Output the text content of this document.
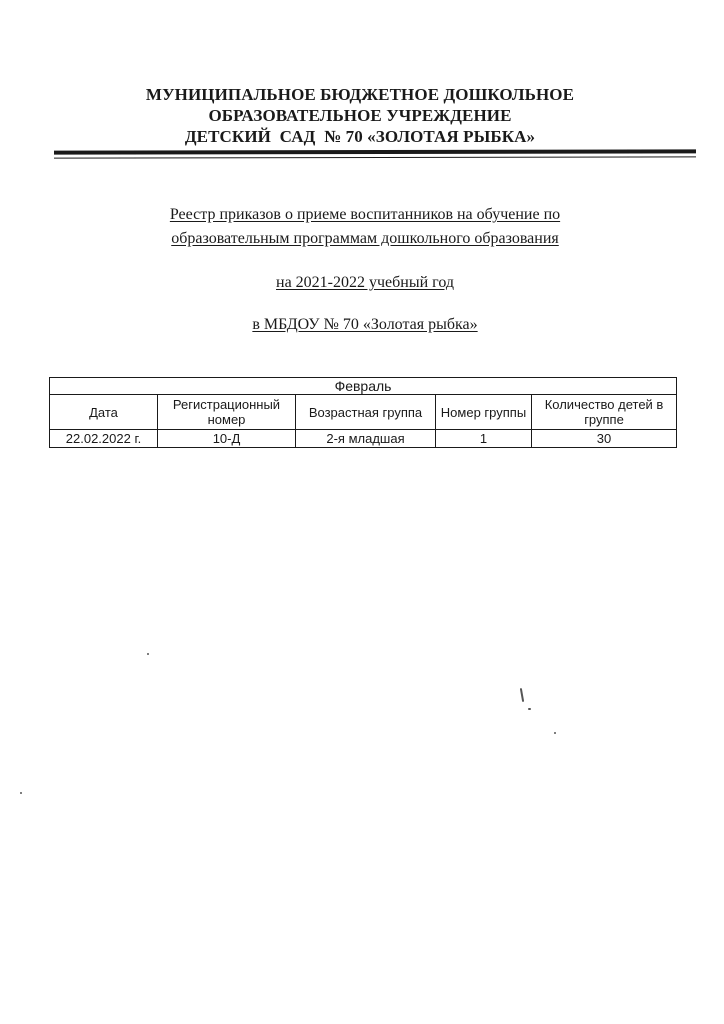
МУНИЦИПАЛЬНОЕ БЮДЖЕТНОЕ ДОШКОЛЬНОЕ
ОБРАЗОВАТЕЛЬНОЕ УЧРЕЖДЕНИЕ
ДЕТСКИЙ  САД  № 70 «ЗОЛОТАЯ РЫБКА»
Реестр приказов о приеме воспитанников на обучение по
образовательным программам дошкольного образования
на 2021-2022 учебный год
в МБДОУ № 70 «Золотая рыбка»
Февраль				
Дата	Регистрационный номер	Возрастная группа	Номер группы	Количество детей в группе
22.02.2022 г.	10-Д	2-я младшая	1	30
